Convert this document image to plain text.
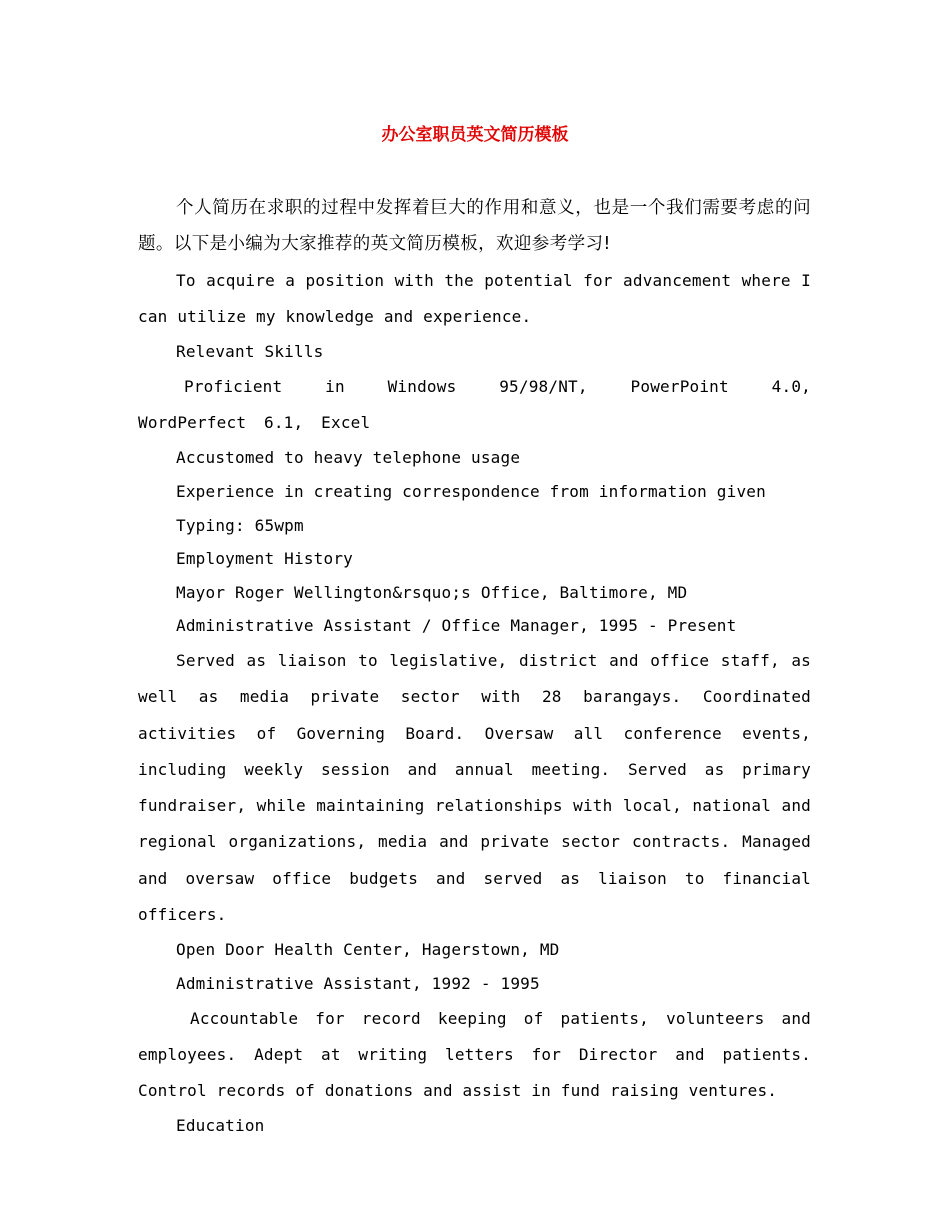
办公室职员英文简历模板

个人简历在求职的过程中发挥着巨大的作用和意义，也是一个我们需要考虑的问题。以下是小编为大家推荐的英文简历模板，欢迎参考学习!

To acquire a position with the potential for advancement where I can utilize my knowledge and experience.

Relevant Skills

Proficient in Windows 95/98/NT, PowerPoint 4.0, WordPerfect 6.1, Excel

Accustomed to heavy telephone usage

Experience in creating correspondence from information given

Typing: 65wpm

Employment History

Mayor Roger Wellington&rsquo;s Office, Baltimore, MD

Administrative Assistant / Office Manager, 1995 - Present

Served as liaison to legislative, district and office staff, as well as media private sector with 28 barangays. Coordinated activities of Governing Board. Oversaw all conference events, including weekly session and annual meeting. Served as primary fundraiser, while maintaining relationships with local, national and regional organizations, media and private sector contracts. Managed and oversaw office budgets and served as liaison to financial officers.

Open Door Health Center, Hagerstown, MD

Administrative Assistant, 1992 - 1995

Accountable for record keeping of patients, volunteers and employees. Adept at writing letters for Director and patients. Control records of donations and assist in fund raising ventures.

Education
